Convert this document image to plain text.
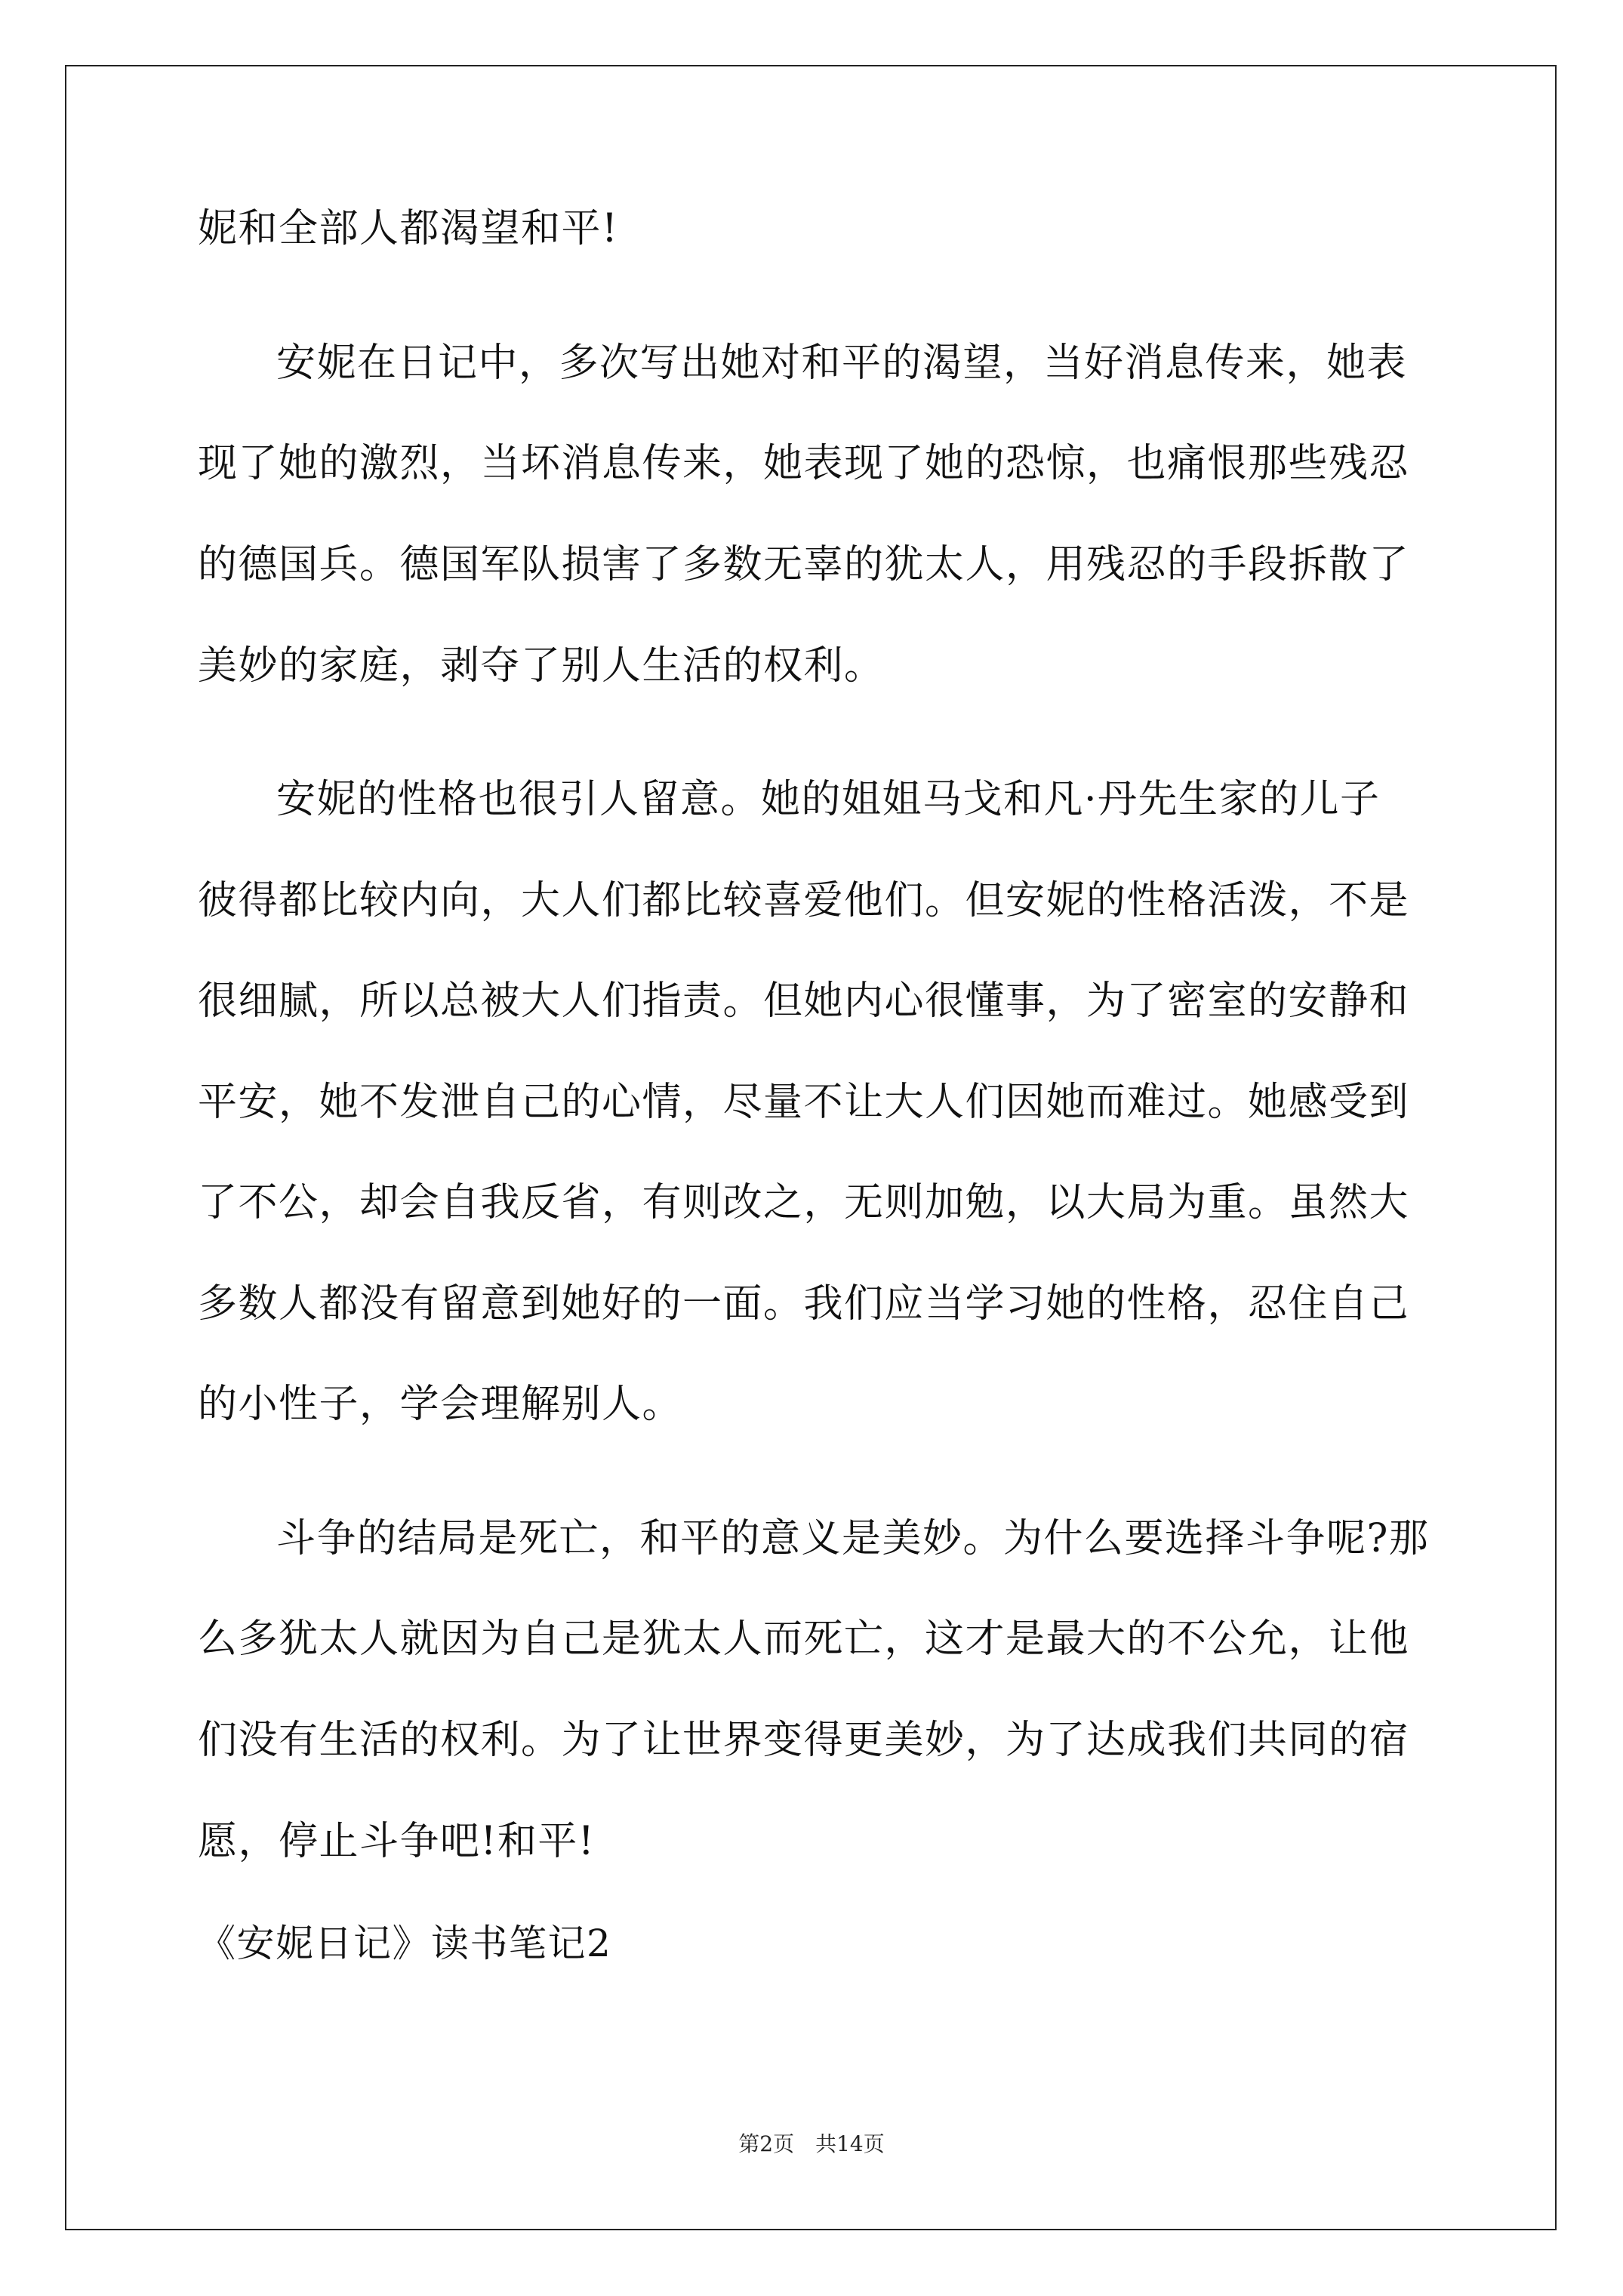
妮和全部人都渴望和平!
安妮在日记中，多次写出她对和平的渴望，当好消息传来，她表
现了她的激烈，当坏消息传来，她表现了她的恐惊，也痛恨那些残忍
的德国兵。德国军队损害了多数无辜的犹太人，用残忍的手段拆散了
美妙的家庭，剥夺了别人生活的权利。
安妮的性格也很引人留意。她的姐姐马戈和凡·丹先生家的儿子
彼得都比较内向，大人们都比较喜爱他们。但安妮的性格活泼，不是
很细腻，所以总被大人们指责。但她内心很懂事，为了密室的安静和
平安，她不发泄自己的心情，尽量不让大人们因她而难过。她感受到
了不公，却会自我反省，有则改之，无则加勉，以大局为重。虽然大
多数人都没有留意到她好的一面。我们应当学习她的性格，忍住自己
的小性子，学会理解别人。
斗争的结局是死亡，和平的意义是美妙。为什么要选择斗争呢?那
么多犹太人就因为自己是犹太人而死亡，这才是最大的不公允，让他
们没有生活的权利。为了让世界变得更美妙，为了达成我们共同的宿
愿，停止斗争吧!和平!
《安妮日记》读书笔记2
第2页　共14页
